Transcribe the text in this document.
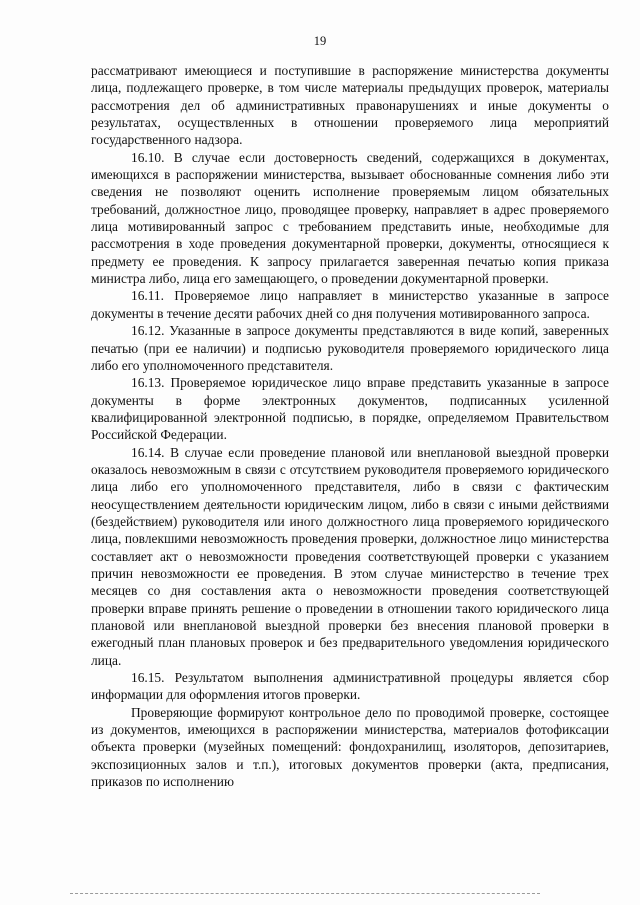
19

рассматривают имеющиеся и поступившие в распоряжение министерства документы лица, подлежащего проверке, в том числе материалы предыдущих проверок, материалы рассмотрения дел об административных правонарушениях и иные документы о результатах, осуществленных в отношении проверяемого лица мероприятий государственного надзора.

16.10. В случае если достоверность сведений, содержащихся в документах, имеющихся в распоряжении министерства, вызывает обоснованные сомнения либо эти сведения не позволяют оценить исполнение проверяемым лицом обязательных требований, должностное лицо, проводящее проверку, направляет в адрес проверяемого лица мотивированный запрос с требованием представить иные, необходимые для рассмотрения в ходе проведения документарной проверки, документы, относящиеся к предмету ее проведения. К запросу прилагается заверенная печатью копия приказа министра либо, лица его замещающего, о проведении документарной проверки.

16.11. Проверяемое лицо направляет в министерство указанные в запросе документы в течение десяти рабочих дней со дня получения мотивированного запроса.

16.12. Указанные в запросе документы представляются в виде копий, заверенных печатью (при ее наличии) и подписью руководителя проверяемого юридического лица либо его уполномоченного представителя.

16.13. Проверяемое юридическое лицо вправе представить указанные в запросе документы в форме электронных документов, подписанных усиленной квалифицированной электронной подписью, в порядке, определяемом Правительством Российской Федерации.

16.14. В случае если проведение плановой или внеплановой выездной проверки оказалось невозможным в связи с отсутствием руководителя проверяемого юридического лица либо его уполномоченного представителя, либо в связи с фактическим неосуществлением деятельности юридическим лицом, либо в связи с иными действиями (бездействием) руководителя или иного должностного лица проверяемого юридического лица, повлекшими невозможность проведения проверки, должностное лицо министерства составляет акт о невозможности проведения соответствующей проверки с указанием причин невозможности ее проведения. В этом случае министерство в течение трех месяцев со дня составления акта о невозможности проведения соответствующей проверки вправе принять решение о проведении в отношении такого юридического лица плановой или внеплановой выездной проверки без внесения плановой проверки в ежегодный план плановых проверок и без предварительного уведомления юридического лица.

16.15. Результатом выполнения административной процедуры является сбор информации для оформления итогов проверки.

Проверяющие формируют контрольное дело по проводимой проверке, состоящее из документов, имеющихся в распоряжении министерства, материалов фотофиксации объекта проверки (музейных помещений: фондохранилищ, изоляторов, депозитариев, экспозиционных залов и т.п.), итоговых документов проверки (акта, предписания, приказов по исполнению
